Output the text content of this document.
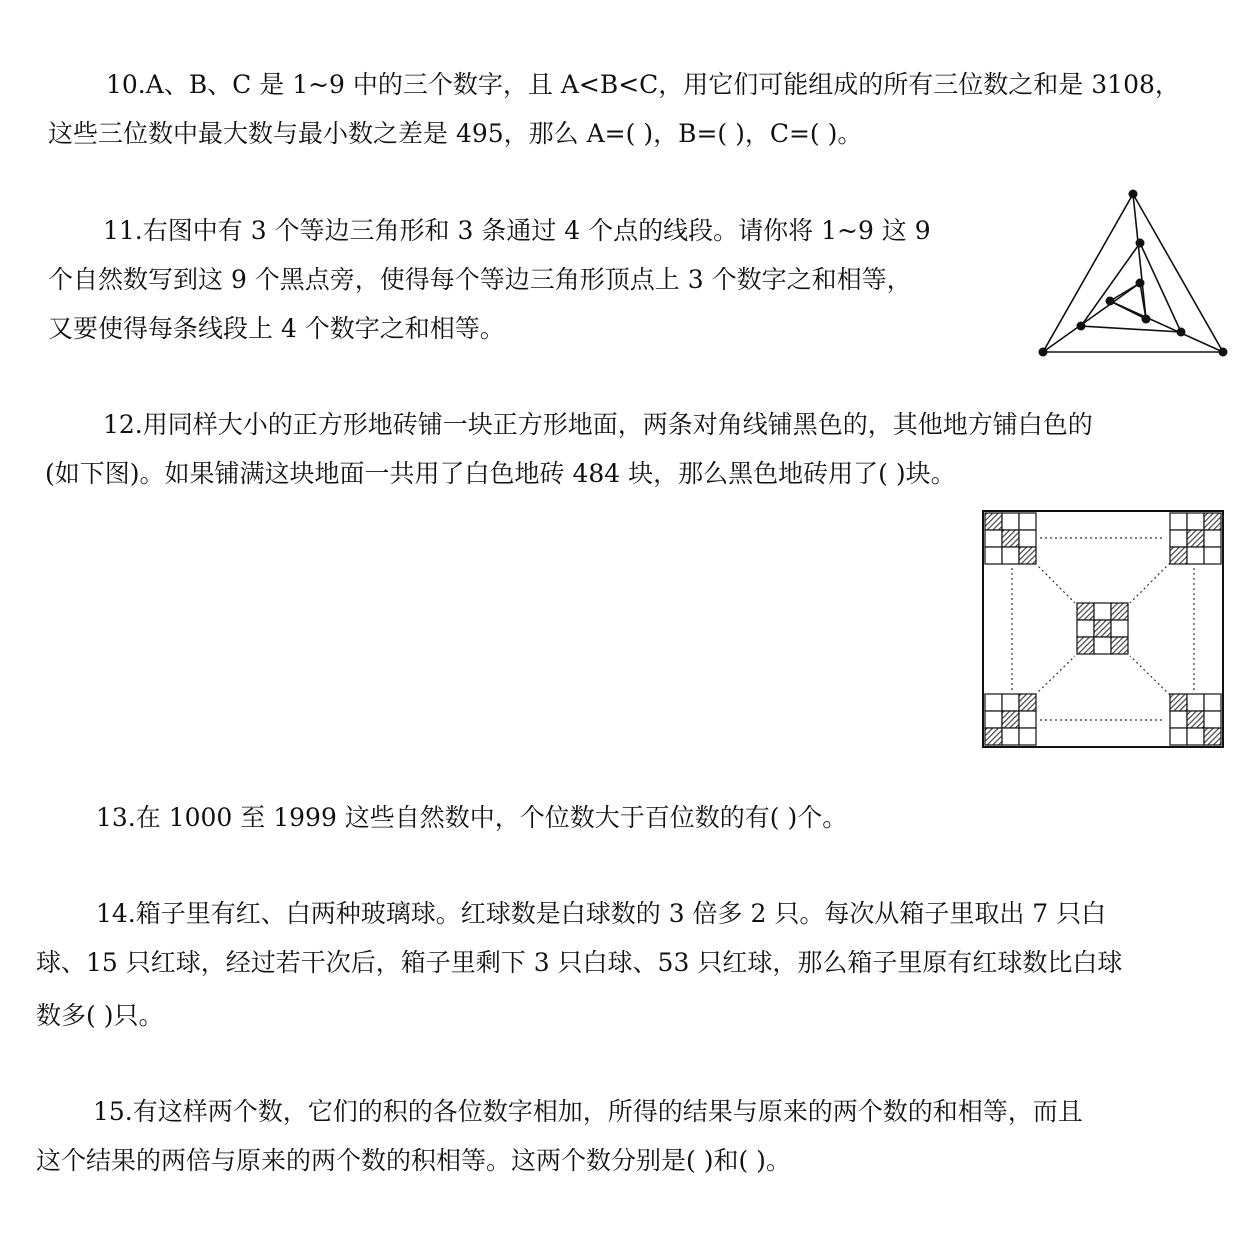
10.A、B、C 是 1~9 中的三个数字，且 A<B<C，用它们可能组成的所有三位数之和是 3108，
这些三位数中最大数与最小数之差是 495，那么 A=( )，B=( )，C=( )。
11.右图中有 3 个等边三角形和 3 条通过 4 个点的线段。请你将 1~9 这 9
个自然数写到这 9 个黑点旁，使得每个等边三角形顶点上 3 个数字之和相等，
又要使得每条线段上 4 个数字之和相等。
12.用同样大小的正方形地砖铺一块正方形地面，两条对角线铺黑色的，其他地方铺白色的
(如下图)。如果铺满这块地面一共用了白色地砖 484 块，那么黑色地砖用了( )块。
13.在 1000 至 1999 这些自然数中，个位数大于百位数的有( )个。
14.箱子里有红、白两种玻璃球。红球数是白球数的 3 倍多 2 只。每次从箱子里取出 7 只白
球、15 只红球，经过若干次后，箱子里剩下 3 只白球、53 只红球，那么箱子里原有红球数比白球
数多( )只。
15.有这样两个数，它们的积的各位数字相加，所得的结果与原来的两个数的和相等，而且
这个结果的两倍与原来的两个数的积相等。这两个数分别是( )和( )。
